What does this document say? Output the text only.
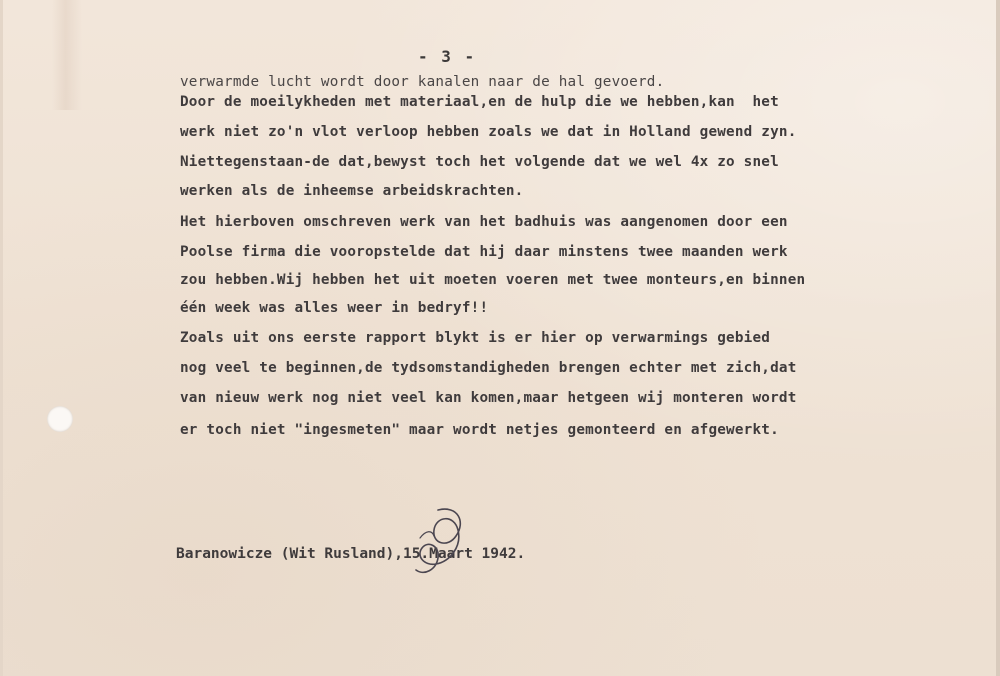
- 3 -
verwarmde lucht wordt door kanalen naar de hal gevoerd.
Door de moeilykheden met materiaal,en de hulp die we hebben,kan  het
werk niet zo'n vlot verloop hebben zoals we dat in Holland gewend zyn.
Niettegenstaan-de dat,bewyst toch het volgende dat we wel 4x zo snel
werken als de inheemse arbeidskrachten.
Het hierboven omschreven werk van het badhuis was aangenomen door een
Poolse firma die vooropstelde dat hij daar minstens twee maanden werk
zou hebben.Wij hebben het uit moeten voeren met twee monteurs,en binnen
één week was alles weer in bedryf!!
Zoals uit ons eerste rapport blykt is er hier op verwarmings gebied
nog veel te beginnen,de tydsomstandigheden brengen echter met zich,dat
van nieuw werk nog niet veel kan komen,maar hetgeen wij monteren wordt
er toch niet "ingesmeten" maar wordt netjes gemonteerd en afgewerkt.
Baranowicze (Wit Rusland),15.Maart 1942.
